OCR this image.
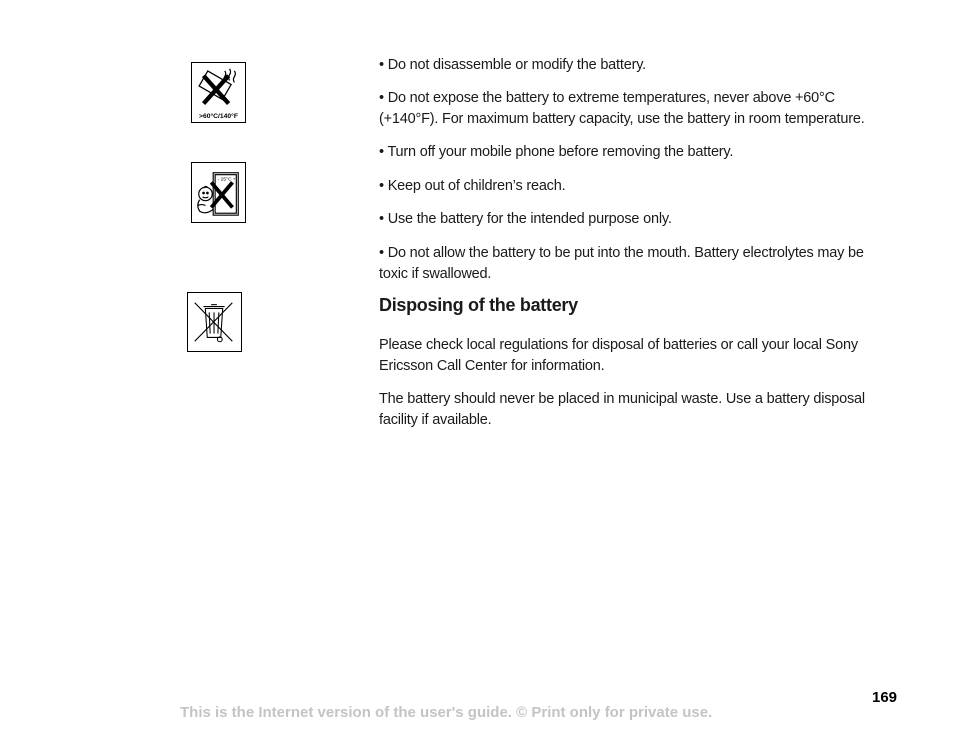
>60°C/140°F
- 25°C +

• Do not disassemble or modify the battery.

• Do not expose the battery to extreme temperatures, never above +60°C (+140°F). For maximum battery capacity, use the battery in room temperature.

• Turn off your mobile phone before removing the battery.

• Keep out of children’s reach.

• Use the battery for the intended purpose only.

• Do not allow the battery to be put into the mouth. Battery electrolytes may be toxic if swallowed.

Disposing of the battery

Please check local regulations for disposal of batteries or call your local Sony Ericsson Call Center for information.

The battery should never be placed in municipal waste. Use a battery disposal facility if available.

169
This is the Internet version of the user's guide. © Print only for private use.
